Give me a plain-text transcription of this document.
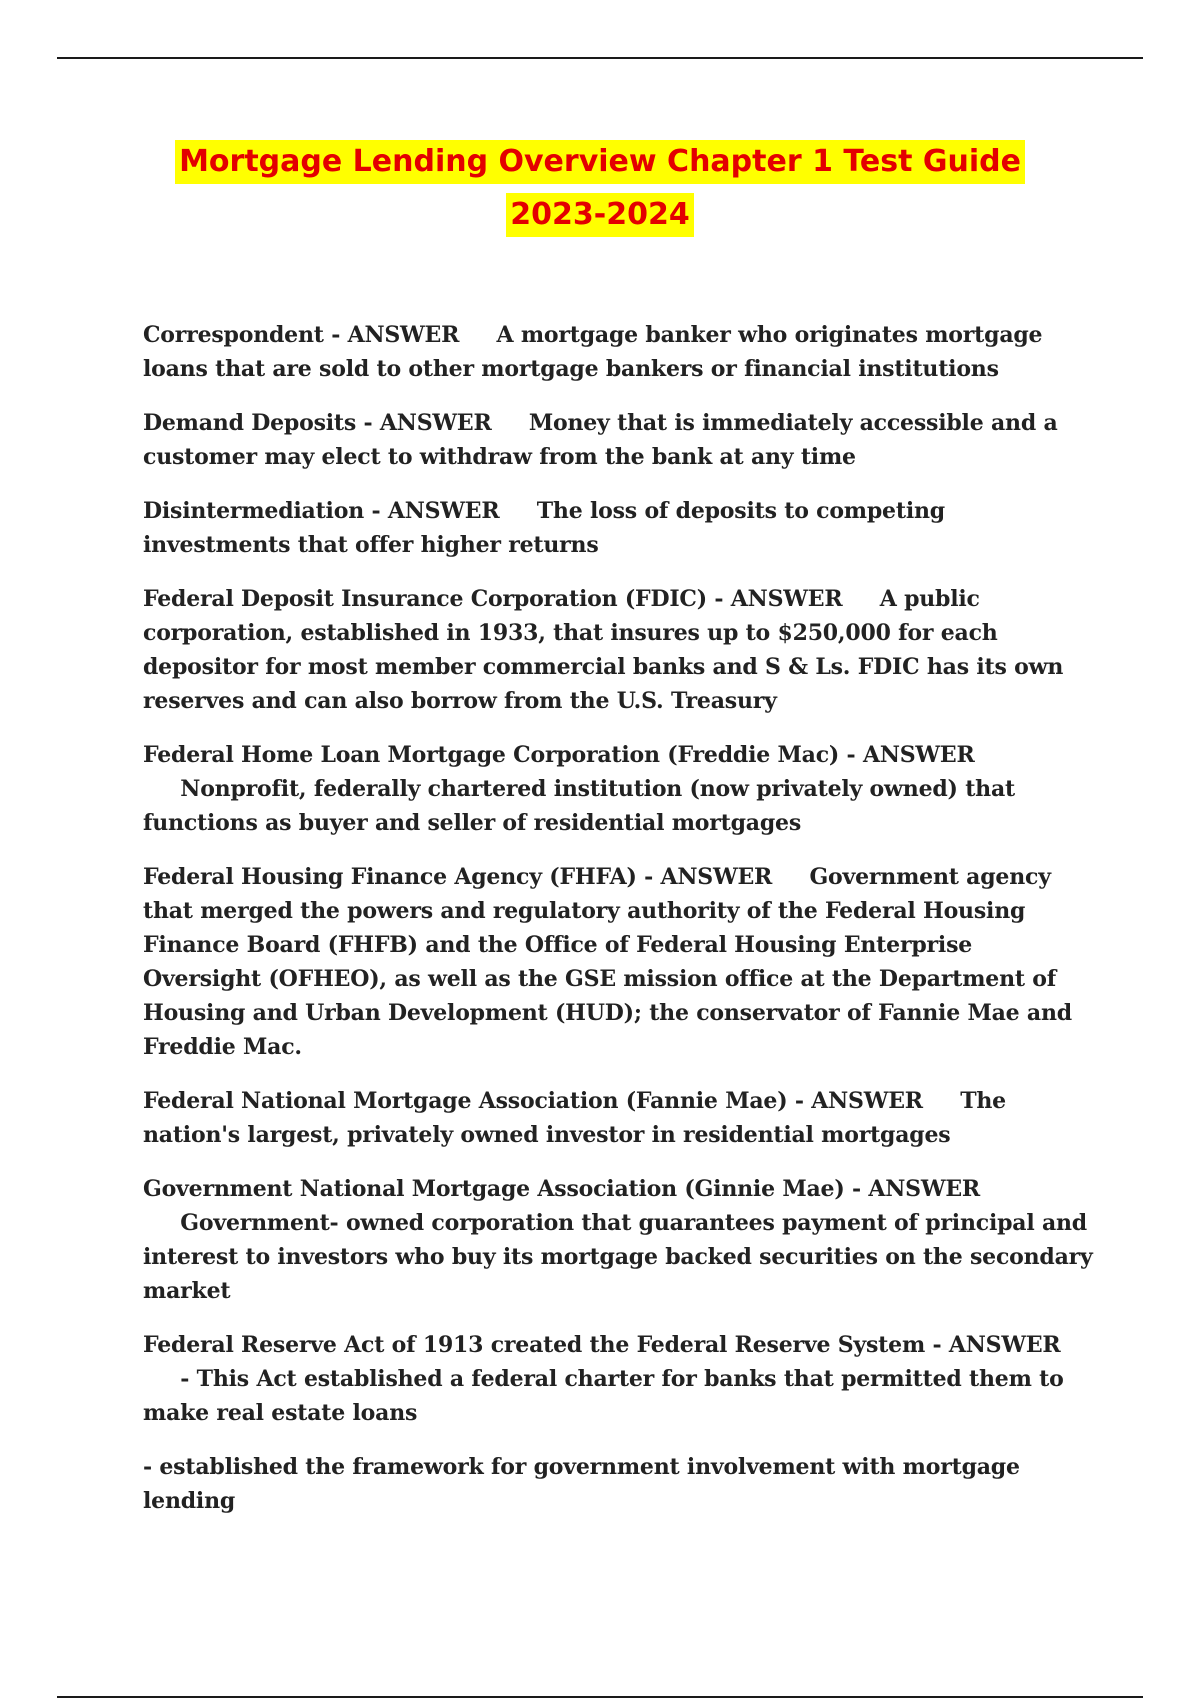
Mortgage Lending Overview Chapter 1 Test Guide
2023-2024

Correspondent - ANSWER A mortgage banker who originates mortgage loans that are sold to other mortgage bankers or financial institutions

Demand Deposits - ANSWER Money that is immediately accessible and a customer may elect to withdraw from the bank at any time

Disintermediation - ANSWER The loss of deposits to competing investments that offer higher returns

Federal Deposit Insurance Corporation (FDIC) - ANSWER A public corporation, established in 1933, that insures up to $250,000 for each depositor for most member commercial banks and S & Ls. FDIC has its own reserves and can also borrow from the U.S. Treasury

Federal Home Loan Mortgage Corporation (Freddie Mac) - ANSWER     Nonprofit, federally chartered institution (now privately owned) that functions as buyer and seller of residential mortgages

Federal Housing Finance Agency (FHFA) - ANSWER Government agency that merged the powers and regulatory authority of the Federal Housing Finance Board (FHFB) and the Office of Federal Housing Enterprise Oversight (OFHEO), as well as the GSE mission office at the Department of Housing and Urban Development (HUD); the conservator of Fannie Mae and Freddie Mac.

Federal National Mortgage Association (Fannie Mae) - ANSWER The nation's largest, privately owned investor in residential mortgages

Government National Mortgage Association (Ginnie Mae) - ANSWER     Government- owned corporation that guarantees payment of principal and interest to investors who buy its mortgage backed securities on the secondary market

Federal Reserve Act of 1913 created the Federal Reserve System - ANSWER     - This Act established a federal charter for banks that permitted them to make real estate loans

- established the framework for government involvement with mortgage lending
